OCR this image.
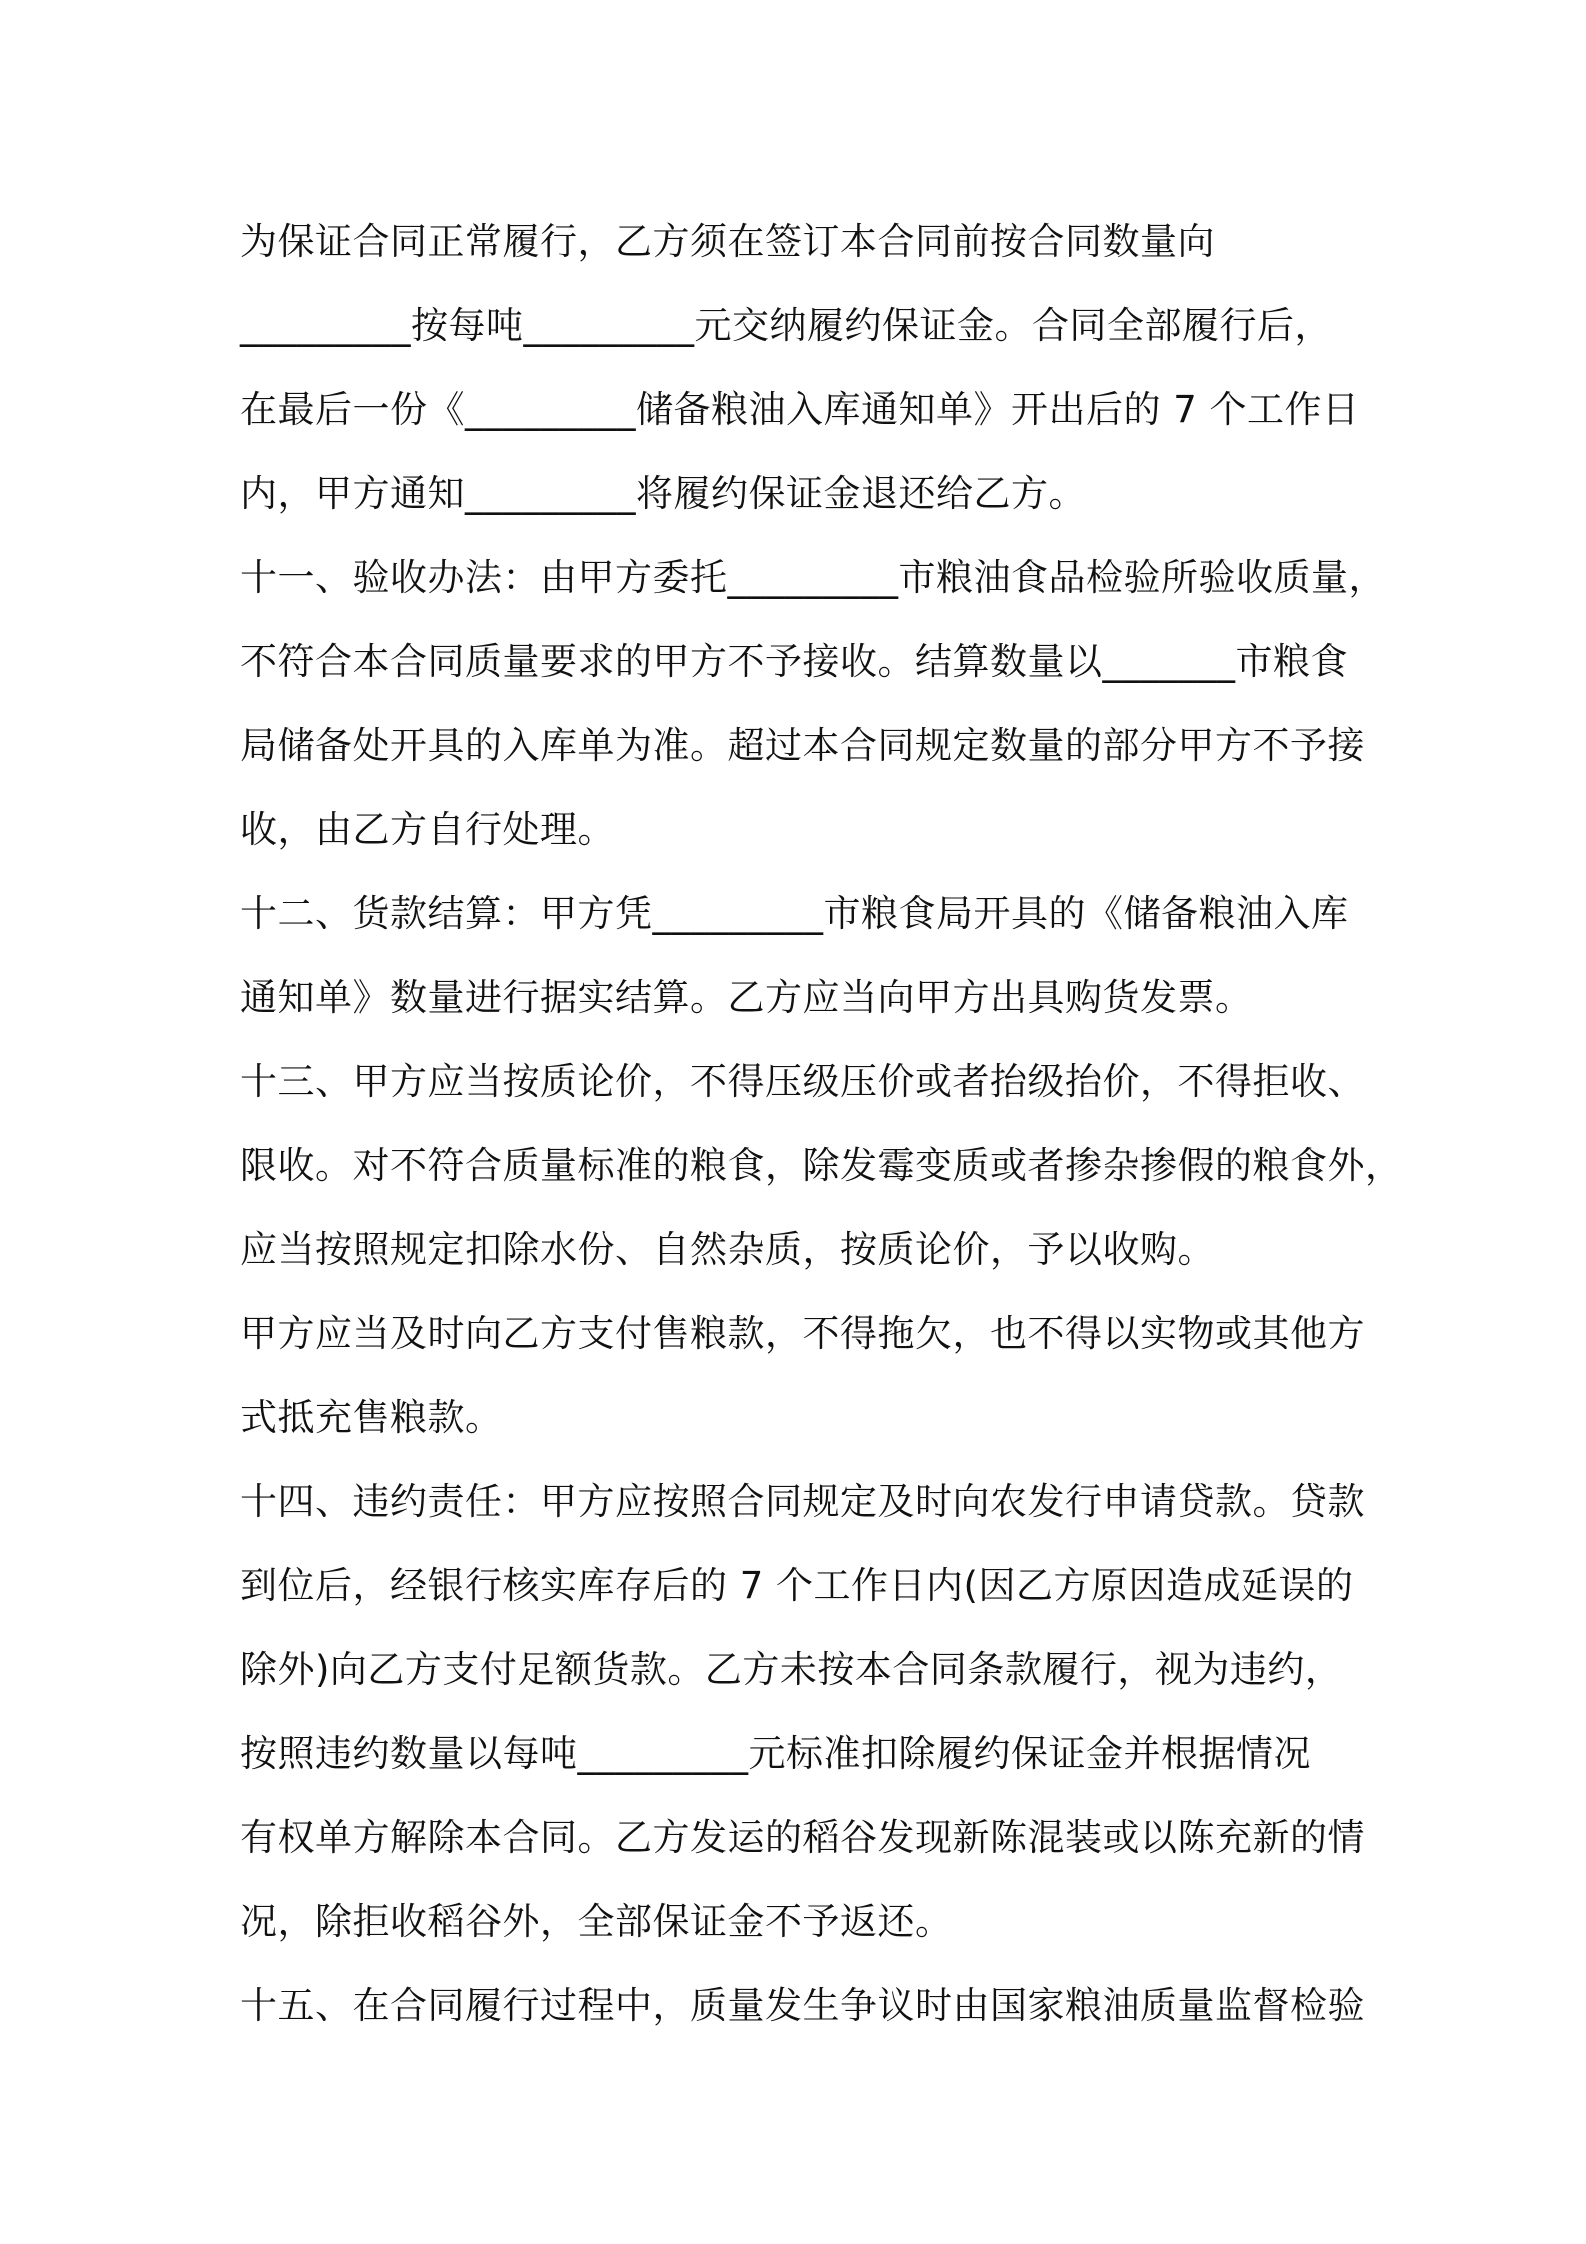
为保证合同正常履行，乙方须在签订本合同前按合同数量向
_________按每吨_________元交纳履约保证金。合同全部履行后，
在最后一份《_________储备粮油入库通知单》开出后的 7 个工作日
内，甲方通知_________将履约保证金退还给乙方。
十一、验收办法：由甲方委托_________市粮油食品检验所验收质量，
不符合本合同质量要求的甲方不予接收。结算数量以_______市粮食
局储备处开具的入库单为准。超过本合同规定数量的部分甲方不予接
收，由乙方自行处理。
十二、货款结算：甲方凭_________市粮食局开具的《储备粮油入库
通知单》数量进行据实结算。乙方应当向甲方出具购货发票。
十三、甲方应当按质论价，不得压级压价或者抬级抬价，不得拒收、
限收。对不符合质量标准的粮食，除发霉变质或者掺杂掺假的粮食外，
应当按照规定扣除水份、自然杂质，按质论价，予以收购。
甲方应当及时向乙方支付售粮款，不得拖欠，也不得以实物或其他方
式抵充售粮款。
十四、违约责任：甲方应按照合同规定及时向农发行申请贷款。贷款
到位后，经银行核实库存后的 7 个工作日内(因乙方原因造成延误的
除外)向乙方支付足额货款。乙方未按本合同条款履行，视为违约，
按照违约数量以每吨_________元标准扣除履约保证金并根据情况
有权单方解除本合同。乙方发运的稻谷发现新陈混装或以陈充新的情
况，除拒收稻谷外，全部保证金不予返还。
十五、在合同履行过程中，质量发生争议时由国家粮油质量监督检验
